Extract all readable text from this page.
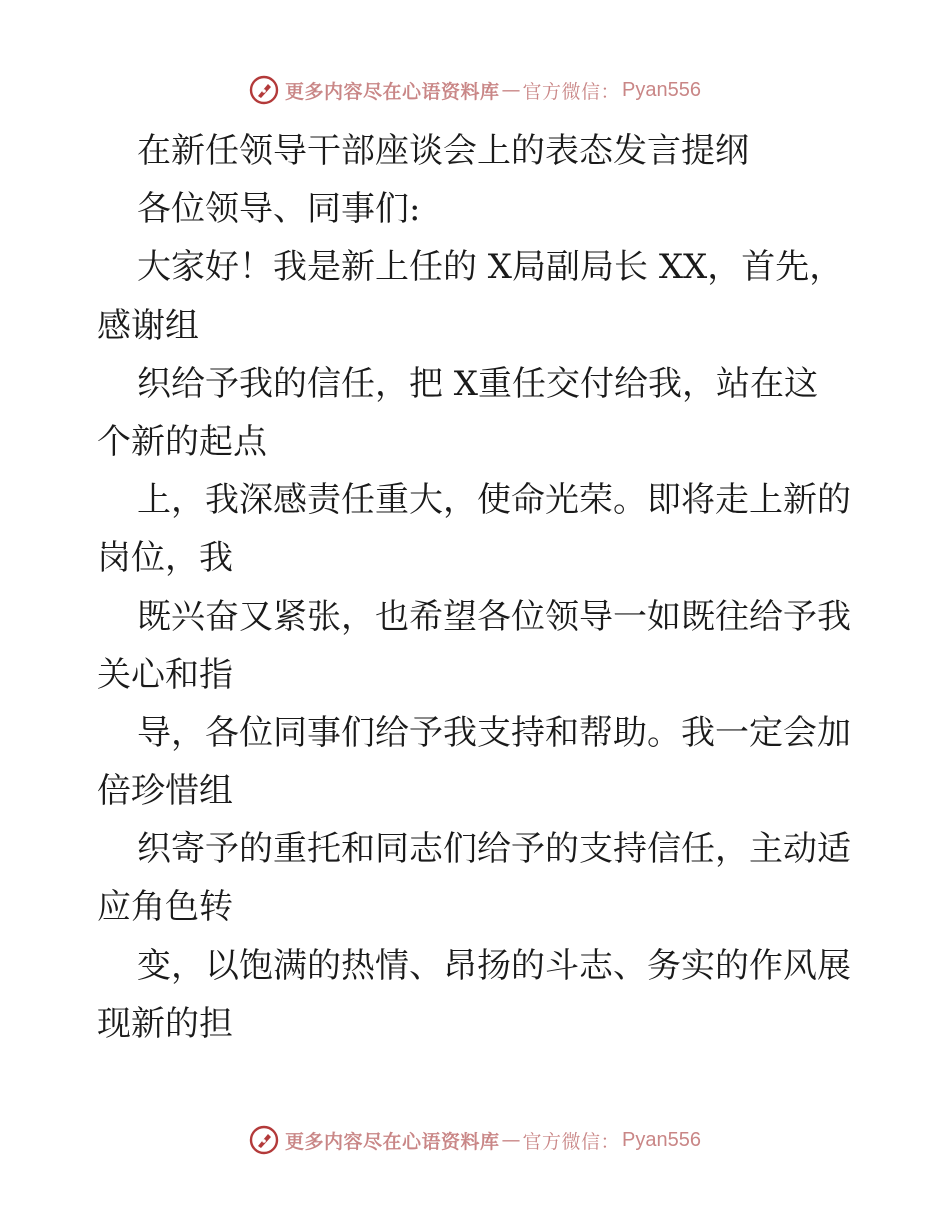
更多内容尽在心语资料库 — 官方微信： Pyan556
在新任领导干部座谈会上的表态发言提纲
各位领导、同事们:
大家好！我是新上任的 X局副局长 XX，首先，
感谢组
织给予我的信任，把 X重任交付给我，站在这
个新的起点
上，我深感责任重大，使命光荣。即将走上新的
岗位，我
既兴奋又紧张，也希望各位领导一如既往给予我
关心和指
导，各位同事们给予我支持和帮助。我一定会加
倍珍惜组
织寄予的重托和同志们给予的支持信任，主动适
应角色转
变，以饱满的热情、昂扬的斗志、务实的作风展
现新的担
更多内容尽在心语资料库 — 官方微信： Pyan556
